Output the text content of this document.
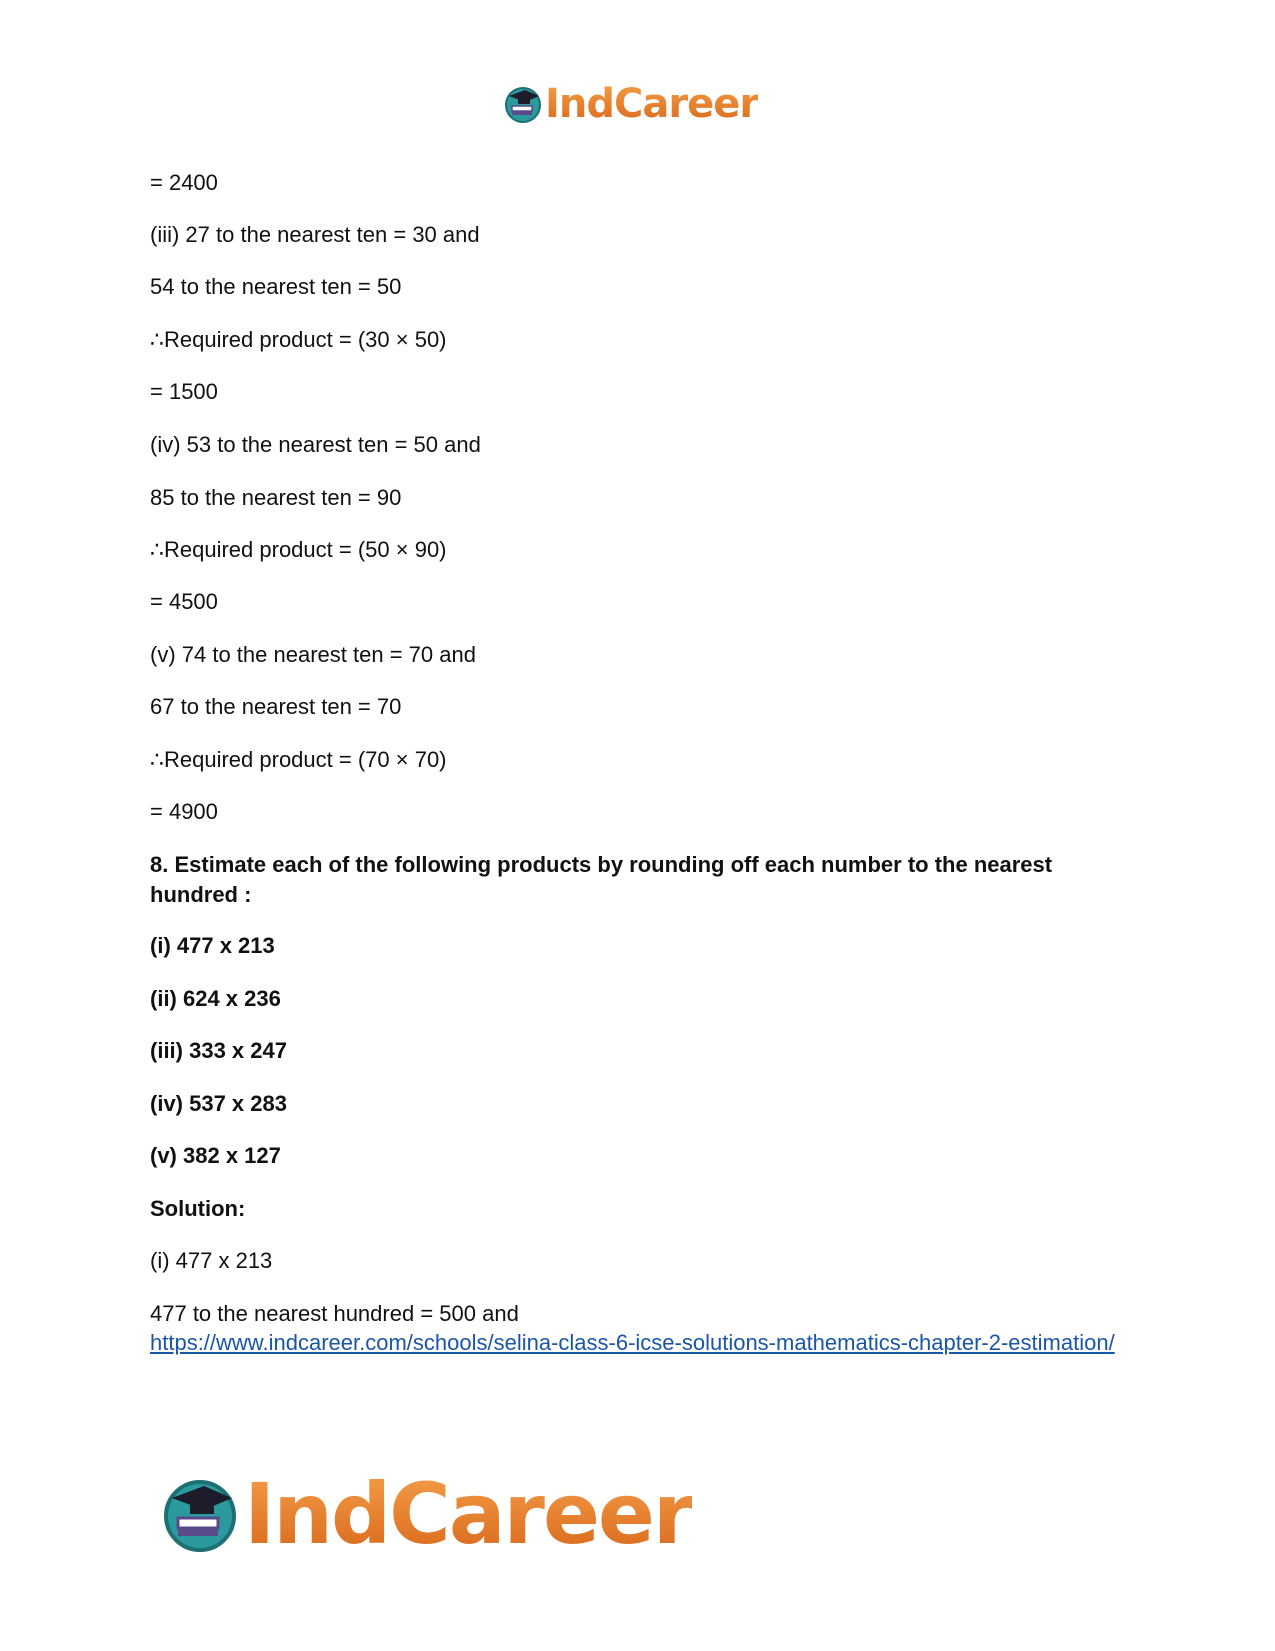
IndCareer
= 2400
(iii) 27 to the nearest ten = 30 and
54 to the nearest ten = 50
∴Required product = (30 × 50)
= 1500
(iv) 53 to the nearest ten = 50 and
85 to the nearest ten = 90
∴Required product = (50 × 90)
= 4500
(v) 74 to the nearest ten = 70 and
67 to the nearest ten = 70
∴Required product = (70 × 70)
= 4900
8. Estimate each of the following products by rounding off each number to the nearest hundred :
(i) 477 x 213
(ii) 624 x 236
(iii) 333 x 247
(iv) 537 x 283
(v) 382 x 127
Solution:
(i) 477 x 213
477 to the nearest hundred = 500 and
https://www.indcareer.com/schools/selina-class-6-icse-solutions-mathematics-chapter-2-estimation/
IndCareer
